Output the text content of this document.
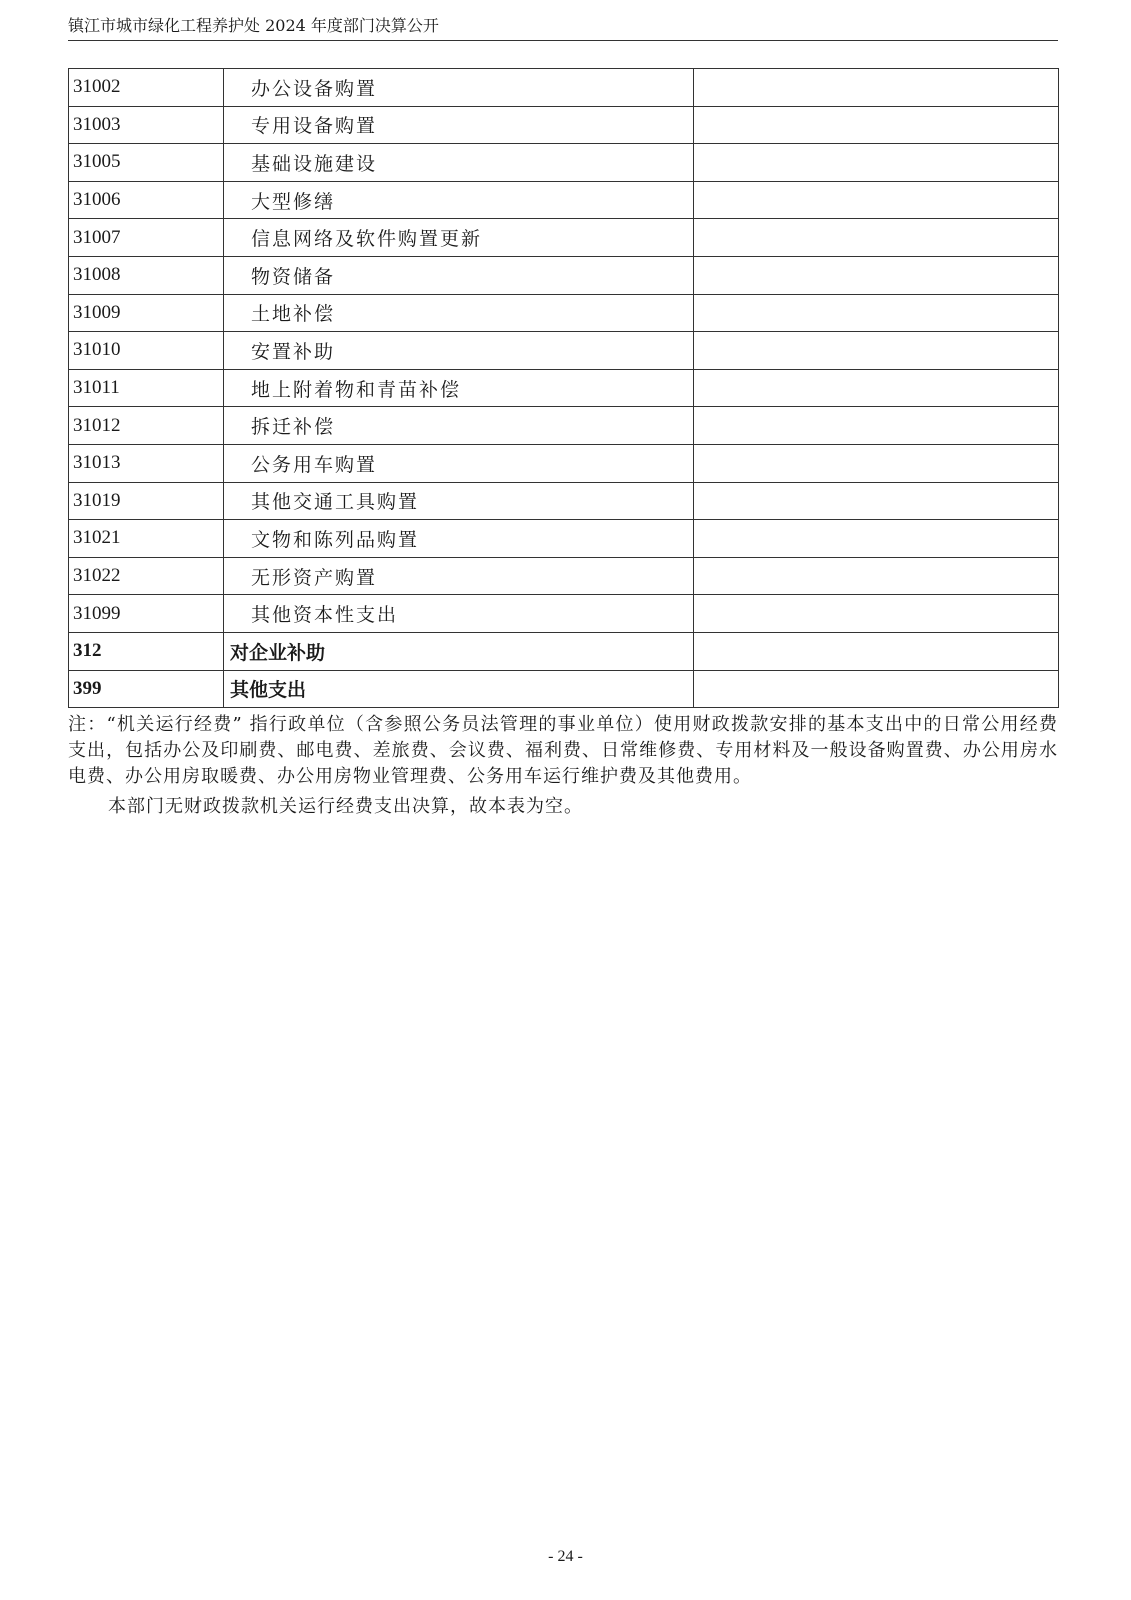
镇江市城市绿化工程养护处 2024 年度部门决算公开
31002	办公设备购置	
31003	专用设备购置	
31005	基础设施建设	
31006	大型修缮	
31007	信息网络及软件购置更新	
31008	物资储备	
31009	土地补偿	
31010	安置补助	
31011	地上附着物和青苗补偿	
31012	拆迁补偿	
31013	公务用车购置	
31019	其他交通工具购置	
31021	文物和陈列品购置	
31022	无形资产购置	
31099	其他资本性支出	
312	对企业补助	
399	其他支出	
注：“机关运行经费” 指行政单位（含参照公务员法管理的事业单位）使用财政拨款安排的基本支出中的日常公用经费支出，包括办公及印刷费、邮电费、差旅费、会议费、福利费、日常维修费、专用材料及一般设备购置费、办公用房水电费、办公用房取暖费、办公用房物业管理费、公务用车运行维护费及其他费用。
本部门无财政拨款机关运行经费支出决算，故本表为空。
- 24 -
